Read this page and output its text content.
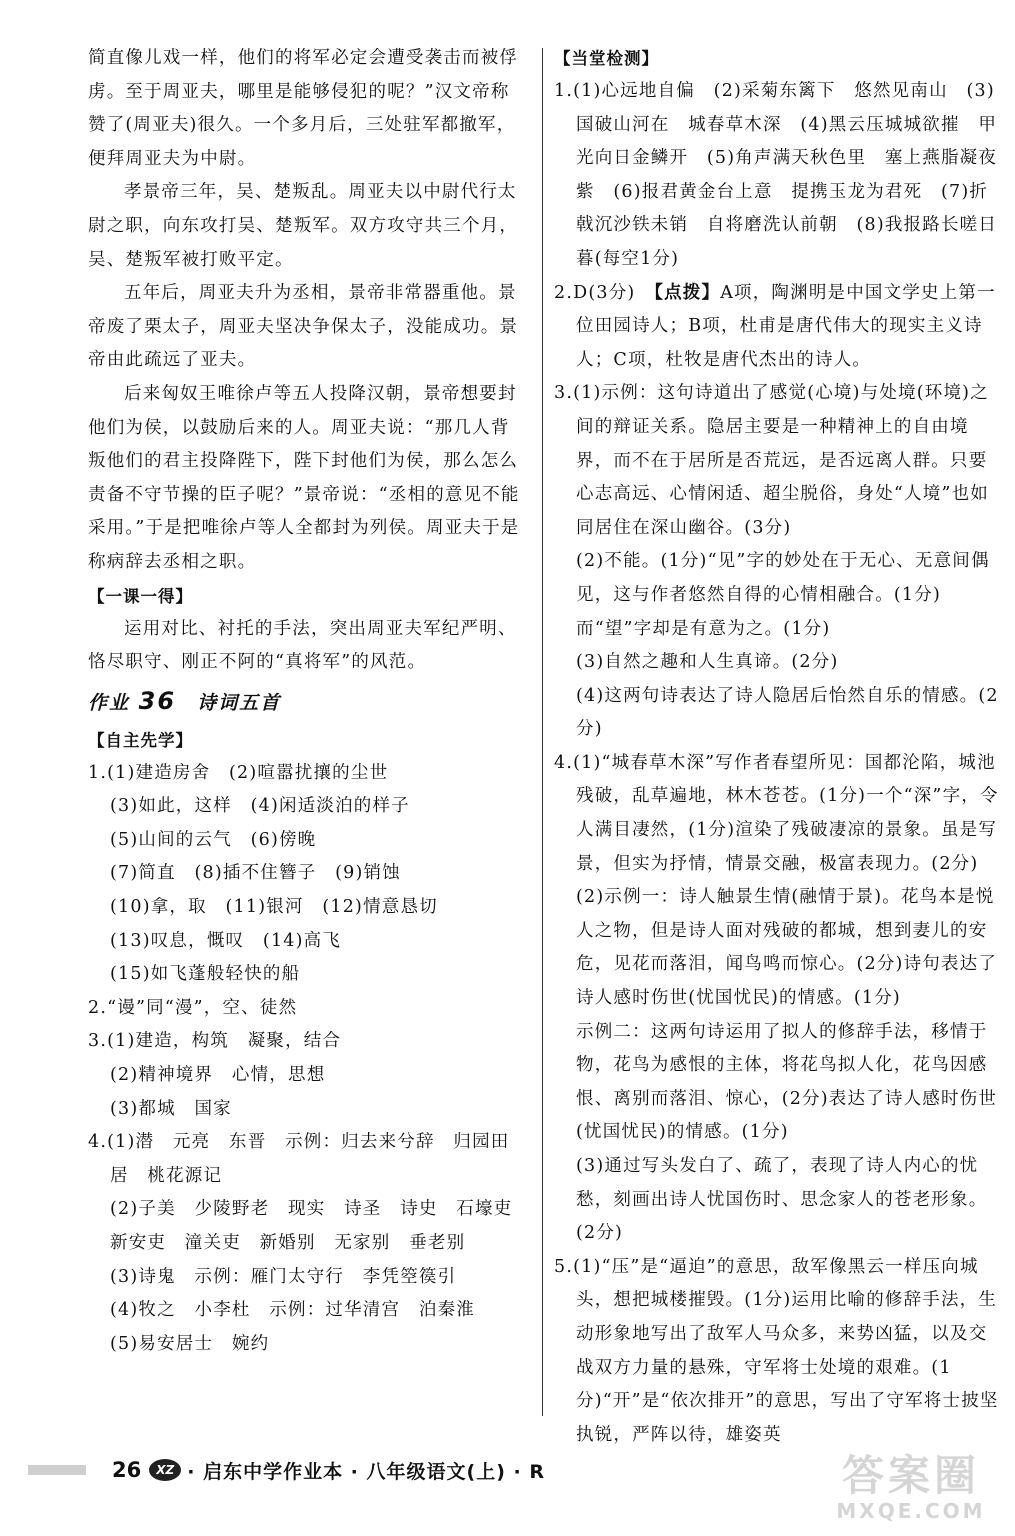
简直像儿戏一样，他们的将军必定会遭受袭击而被俘虏。至于周亚夫，哪里是能够侵犯的呢？”汉文帝称赞了(周亚夫)很久。一个多月后，三处驻军都撤军，便拜周亚夫为中尉。

孝景帝三年，吴、楚叛乱。周亚夫以中尉代行太尉之职，向东攻打吴、楚叛军。双方攻守共三个月，吴、楚叛军被打败平定。

五年后，周亚夫升为丞相，景帝非常器重他。景帝废了栗太子，周亚夫坚决争保太子，没能成功。景帝由此疏远了亚夫。

后来匈奴王唯徐卢等五人投降汉朝，景帝想要封他们为侯，以鼓励后来的人。周亚夫说：“那几人背叛他们的君主投降陛下，陛下封他们为侯，那么怎么责备不守节操的臣子呢？”景帝说：“丞相的意见不能采用。”于是把唯徐卢等人全都封为列侯。周亚夫于是称病辞去丞相之职。

【一课一得】

运用对比、衬托的手法，突出周亚夫军纪严明、恪尽职守、刚正不阿的“真将军”的风范。

作业 36　 诗词五首

【自主先学】

1.(1)建造房舍　(2)喧嚣扰攘的尘世

(3)如此，这样　(4)闲适淡泊的样子

(5)山间的云气　(6)傍晚

(7)简直　(8)插不住簪子　(9)销蚀

(10)拿，取　(11)银河　(12)情意恳切

(13)叹息，慨叹　(14)高飞

(15)如飞蓬般轻快的船

2.“谩”同“漫”，空、徒然

3.(1)建造，构筑　凝聚，结合

(2)精神境界　心情，思想

(3)都城　国家

4.(1)潜　元亮　东晋　示例：归去来兮辞　归园田居　桃花源记

(2)子美　少陵野老　现实　诗圣　诗史　石壕吏　新安吏　潼关吏　新婚别　无家别　垂老别

(3)诗鬼　示例：雁门太守行　李凭箜篌引

(4)牧之　小李杜　示例：过华清宫　泊秦淮

(5)易安居士　婉约

【当堂检测】

1.(1)心远地自偏　(2)采菊东篱下　悠然见南山　(3)国破山河在　城春草木深　(4)黑云压城城欲摧　甲光向日金鳞开　(5)角声满天秋色里　塞上燕脂凝夜紫　(6)报君黄金台上意　提携玉龙为君死　(7)折戟沉沙铁未销　自将磨洗认前朝　(8)我报路长嗟日暮(每空1分)

2.D(3分)　【点拨】A项，陶渊明是中国文学史上第一位田园诗人；B项，杜甫是唐代伟大的现实主义诗人；C项，杜牧是唐代杰出的诗人。

3.(1)示例：这句诗道出了感觉(心境)与处境(环境)之间的辩证关系。隐居主要是一种精神上的自由境界，而不在于居所是否荒远，是否远离人群。只要心志高远、心情闲适、超尘脱俗，身处“人境”也如同居住在深山幽谷。(3分)

(2)不能。(1分)“见”字的妙处在于无心、无意间偶见，这与作者悠然自得的心情相融合。(1分)而“望”字却是有意为之。(1分)

(3)自然之趣和人生真谛。(2分)

(4)这两句诗表达了诗人隐居后怡然自乐的情感。(2分)

4.(1)“城春草木深”写作者春望所见：国都沦陷，城池残破，乱草遍地，林木苍苍。(1分)一个“深”字，令人满目凄然，(1分)渲染了残破凄凉的景象。虽是写景，但实为抒情，情景交融，极富表现力。(2分)

(2)示例一：诗人触景生情(融情于景)。花鸟本是悦人之物，但是诗人面对残破的都城，想到妻儿的安危，见花而落泪，闻鸟鸣而惊心。(2分)诗句表达了诗人感时伤世(忧国忧民)的情感。(1分)

示例二：这两句诗运用了拟人的修辞手法，移情于物，花鸟为感恨的主体，将花鸟拟人化，花鸟因感恨、离别而落泪、惊心，(2分)表达了诗人感时伤世(忧国忧民)的情感。(1分)

(3)通过写头发白了、疏了，表现了诗人内心的忧愁，刻画出诗人忧国伤时、思念家人的苍老形象。(2分)

5.(1)“压”是“逼迫”的意思，敌军像黑云一样压向城头，想把城楼摧毁。(1分)运用比喻的修辞手法，生动形象地写出了敌军人马众多，来势凶猛，以及交战双方力量的悬殊，守军将士处境的艰难。(1分)“开”是“依次排开”的意思，写出了守军将士披坚执锐，严阵以待，雄姿英

26	XZ · 启东中学作业本 · 八年级语文(上) · R	答案圈
MXQE.COM
